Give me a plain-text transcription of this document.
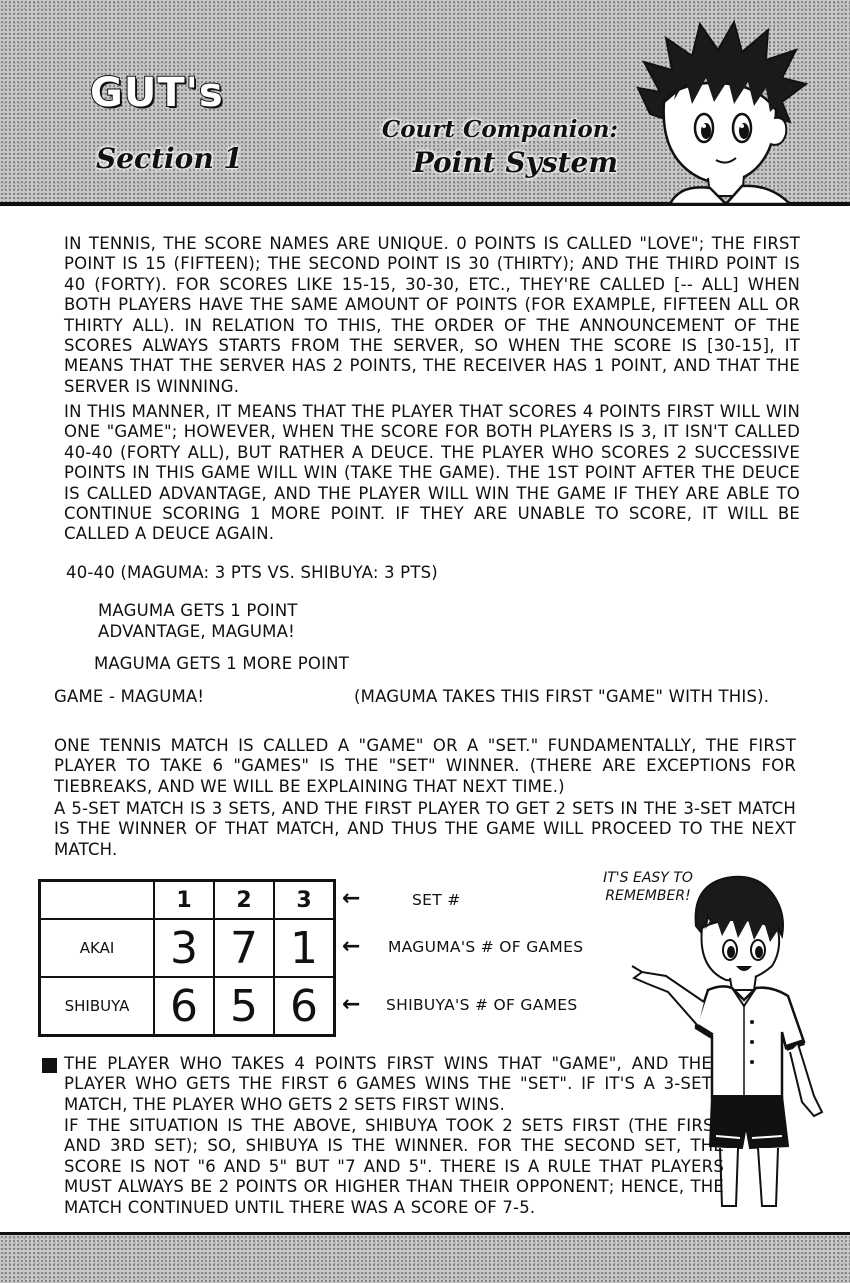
GUT's
Section 1
Court Companion:
Point System

IN TENNIS, THE SCORE NAMES ARE UNIQUE. 0 POINTS IS CALLED "LOVE"; THE FIRST POINT IS 15 (FIFTEEN); THE SECOND POINT IS 30 (THIRTY); AND THE THIRD POINT IS 40 (FORTY). FOR SCORES LIKE 15-15, 30-30, ETC., THEY'RE CALLED [-- ALL] WHEN BOTH PLAYERS HAVE THE SAME AMOUNT OF POINTS (FOR EXAMPLE, FIFTEEN ALL OR THIRTY ALL). IN RELATION TO THIS, THE ORDER OF THE ANNOUNCEMENT OF THE SCORES ALWAYS STARTS FROM THE SERVER, SO WHEN THE SCORE IS [30-15], IT MEANS THAT THE SERVER HAS 2 POINTS, THE RECEIVER HAS 1 POINT, AND THAT THE SERVER IS WINNING.

IN THIS MANNER, IT MEANS THAT THE PLAYER THAT SCORES 4 POINTS FIRST WILL WIN ONE "GAME"; HOWEVER, WHEN THE SCORE FOR BOTH PLAYERS IS 3, IT ISN'T CALLED 40-40 (FORTY ALL), BUT RATHER A DEUCE. THE PLAYER WHO SCORES 2 SUCCESSIVE POINTS IN THIS GAME WILL WIN (TAKE THE GAME). THE 1ST POINT AFTER THE DEUCE IS CALLED ADVANTAGE, AND THE PLAYER WILL WIN THE GAME IF THEY ARE ABLE TO CONTINUE SCORING 1 MORE POINT. IF THEY ARE UNABLE TO SCORE, IT WILL BE CALLED A DEUCE AGAIN.

40-40 (MAGUMA: 3 PTS VS. SHIBUYA: 3 PTS)
MAGUMA GETS 1 POINT
ADVANTAGE, MAGUMA!
MAGUMA GETS 1 MORE POINT
GAME - MAGUMA!	(MAGUMA TAKES THIS FIRST "GAME" WITH THIS).

ONE TENNIS MATCH IS CALLED A "GAME" OR A "SET." FUNDAMENTALLY, THE FIRST PLAYER TO TAKE 6 "GAMES" IS THE "SET" WINNER. (THERE ARE EXCEPTIONS FOR TIEBREAKS, AND WE WILL BE EXPLAINING THAT NEXT TIME.)

A 5-SET MATCH IS 3 SETS, AND THE FIRST PLAYER TO GET 2 SETS IN THE 3-SET MATCH IS THE WINNER OF THAT MATCH, AND THUS THE GAME WILL PROCEED TO THE NEXT MATCH.

	1	2	3
AKAI	3	7	1
SHIBUYA	6	5	6
←	SET #
← MAGUMA'S # OF GAMES
← SHIBUYA'S # OF GAMES
IT'S EASY TO
REMEMBER!

THE PLAYER WHO TAKES 4 POINTS FIRST WINS THAT "GAME", AND THE PLAYER WHO GETS THE FIRST 6 GAMES WINS THE "SET". IF IT'S A 3-SET MATCH, THE PLAYER WHO GETS 2 SETS FIRST WINS.

IF THE SITUATION IS THE ABOVE, SHIBUYA TOOK 2 SETS FIRST (THE FIRST AND 3RD SET); SO, SHIBUYA IS THE WINNER. FOR THE SECOND SET, THE SCORE IS NOT "6 AND 5" BUT "7 AND 5". THERE IS A RULE THAT PLAYERS MUST ALWAYS BE 2 POINTS OR HIGHER THAN THEIR OPPONENT; HENCE, THE MATCH CONTINUED UNTIL THERE WAS A SCORE OF 7-5.
